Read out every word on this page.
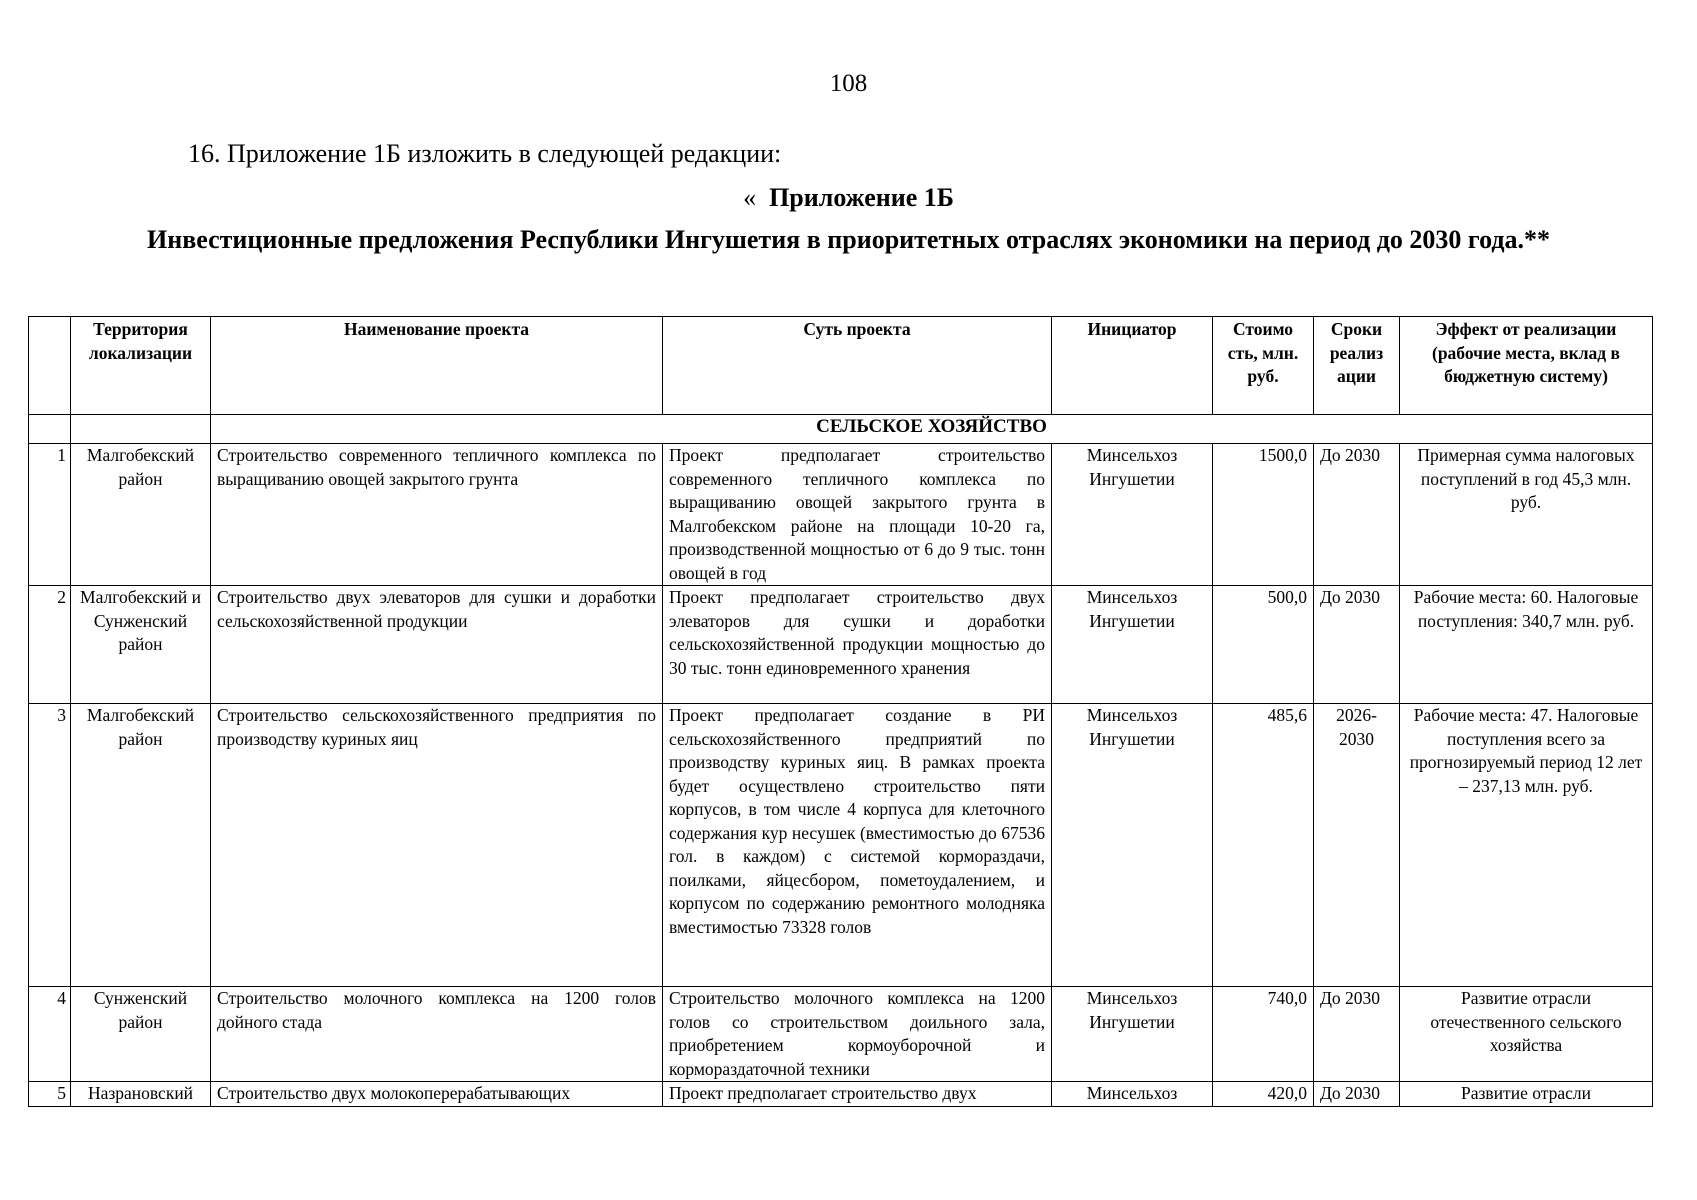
108
16. Приложение 1Б изложить в следующей редакции:
« Приложение 1Б
Инвестиционные предложения Республики Ингушетия в приоритетных отраслях экономики на период до 2030 года.**
	Территория локализации	Наименование проекта	Суть проекта	Инициатор	Стоимо сть, млн. руб.	Сроки реализ ации	Эффект от реализации (рабочие места, вклад в бюджетную систему)
		СЕЛЬСКОЕ ХОЗЯЙСТВО					
1	Малгобекский район	Строительство современного тепличного комплекса по выращиванию овощей закрытого грунта	Проект предполагает строительство современного тепличного комплекса по выращиванию овощей закрытого грунта в Малгобекском районе на площади 10-20 га, производственной мощностью от 6 до 9 тыс. тонн овощей в год	Минсельхоз Ингушетии	1500,0	До 2030	Примерная сумма налоговых поступлений в год 45,3 млн. руб.
2	Малгобекский и Сунженский район	Строительство двух элеваторов для сушки и доработки сельскохозяйственной продукции	Проект предполагает строительство двух элеваторов для сушки и доработки сельскохозяйственной продукции мощностью до 30 тыс. тонн единовременного хранения	Минсельхоз Ингушетии	500,0	До 2030	Рабочие места: 60. Налоговые поступления: 340,7 млн. руб.
3	Малгобекский район	Строительство сельскохозяйственного предприятия по производству куриных яиц	Проект предполагает создание в РИ сельскохозяйственного предприятий по производству куриных яиц. В рамках проекта будет осуществлено строительство пяти корпусов, в том числе 4 корпуса для клеточного содержания кур несушек (вместимостью до 67536 гол. в каждом) с системой кормораздачи, поилками, яйцесбором, пометоудалением, и корпусом по содержанию ремонтного молодняка вместимостью 73328 голов	Минсельхоз Ингушетии	485,6	2026-2030	Рабочие места: 47. Налоговые поступления всего за прогнозируемый период 12 лет – 237,13 млн. руб.
4	Сунженский район	Строительство молочного комплекса на 1200 голов дойного стада	Строительство молочного комплекса на 1200 голов со строительством доильного зала, приобретением кормоуборочной и кормораздаточной техники	Минсельхоз Ингушетии	740,0	До 2030	Развитие отрасли отечественного сельского хозяйства
5	Назрановский	Строительство двух молокоперерабатывающих	Проект предполагает строительство двух	Минсельхоз	420,0	До 2030	Развитие отрасли
